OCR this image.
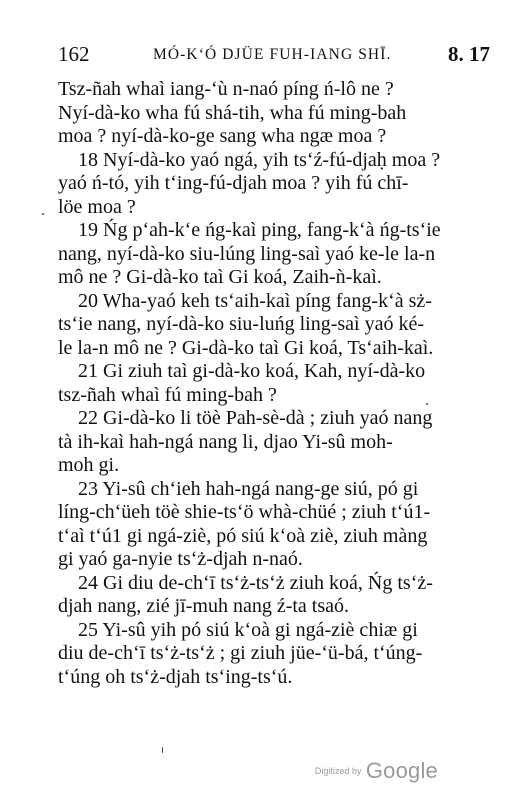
162	MÓ-K‘Ó DJÜE FUH-IANG SHĪ.	8. 17
Tsz-ñah whaì iang-‘ù n-naó píng ń-lô ne ?
Nyí-dà-ko wha fú shá-tih, wha fú ming-bah
moa ? nyí-dà-ko-ge sang wha ngæ moa ?
18 Nyí-dà-ko yaó ngá, yih ts‘ź-fú-djaḥ moa ?
yaó ń-tó, yih t‘ing-fú-djah moa ? yih fú chī-
löe moa ?
19 Ńg p‘ah-k‘e ńg-kaì ping, fang-k‘à ńg-ts‘ie
nang, nyí-dà-ko siu-lúng ling-saì yaó ke-le la-n
mô ne ? Gi-dà-ko taì Gi koá, Zaih-ǹ-kaì.
20 Wha-yaó keh ts‘aih-kaì píng fang-k‘à sż-
ts‘ie nang, nyí-dà-ko siu-luńg ling-saì yaó ké-
le la-n mô ne ? Gi-dà-ko taì Gi koá, Ts‘aih-kaì.
21 Gi ziuh taì gi-dà-ko koá, Kah, nyí-dà-ko
tsz-ñah whaì fú ming-bah ?
22 Gi-dà-ko li töè Pah-sè-dà ; ziuh yaó nang
tà ih-kaì hah-ngá nang li, djao Yi-sû moh-
moh gi.
23 Yi-sû ch‘ieh hah-ngá nang-ge siú, pó gi
líng-ch‘üeh töè shie-ts‘ö whà-chüé ; ziuh t‘ú1-
t‘aì t‘ú1 gi ngá-ziè, pó siú k‘oà ziè, ziuh màng
gi yaó ga-nyie ts‘ż-djah n-naó.
24 Gi diu de-ch‘ī ts‘ż-ts‘ż ziuh koá, Ńg ts‘ż-
djah nang, zié jī-muh nang ź-ta tsaó.
25 Yi-sû yih pó siú k‘oà gi ngá-ziè chiæ gi
diu de-ch‘ī ts‘ż-ts‘ż ; gi ziuh jüe-‘ü-bá, t‘úng-
t‘úng oh ts‘ż-djah ts‘ing-ts‘ú.
Digitized by Google
